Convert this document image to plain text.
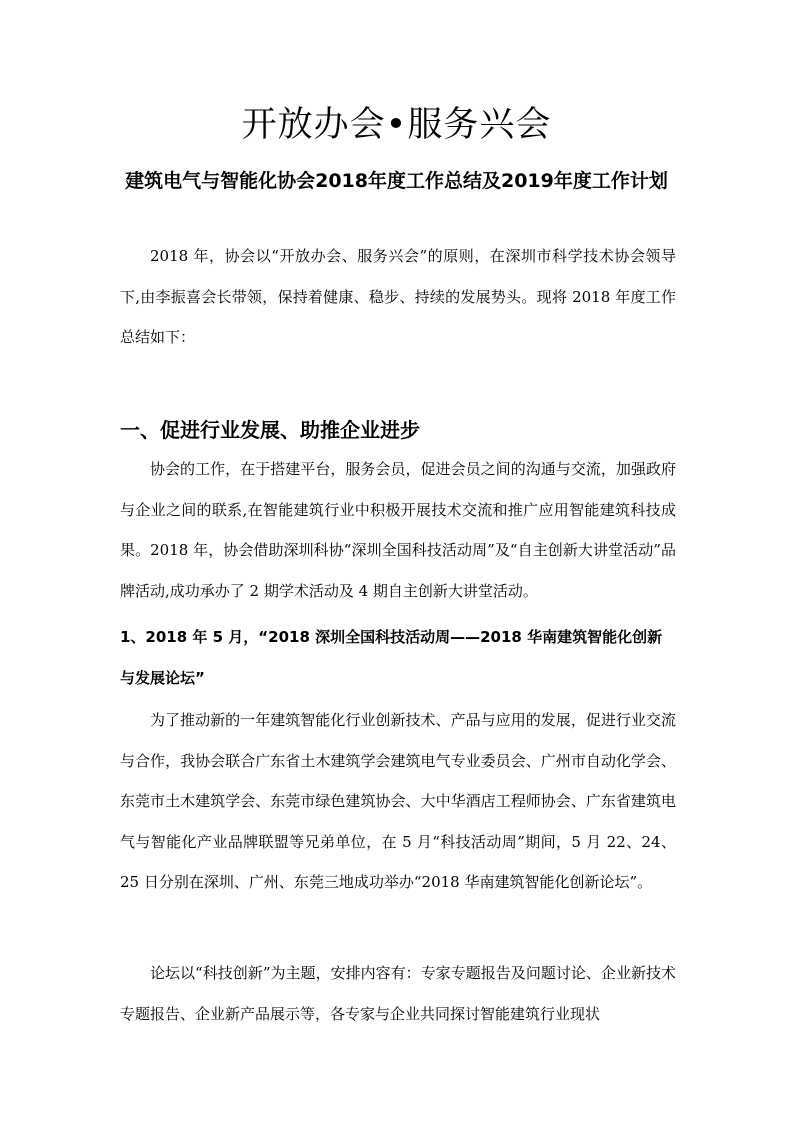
开放办会•服务兴会
建筑电气与智能化协会2018年度工作总结及2019年度工作计划

2018 年，协会以“开放办会、服务兴会”的原则，在深圳市科学技术协会领导下,由李振喜会长带领，保持着健康、稳步、持续的发展势头。现将 2018 年度工作总结如下：

一、促进行业发展、助推企业进步

协会的工作，在于搭建平台，服务会员，促进会员之间的沟通与交流，加强政府与企业之间的联系,在智能建筑行业中积极开展技术交流和推广应用智能建筑科技成果。2018 年，协会借助深圳科协“深圳全国科技活动周”及“自主创新大讲堂活动”品牌活动,成功承办了 2 期学术活动及 4 期自主创新大讲堂活动。

1、2018 年 5 月，“2018 深圳全国科技活动周——2018 华南建筑智能化创新与发展论坛”

为了推动新的一年建筑智能化行业创新技术、产品与应用的发展，促进行业交流与合作，我协会联合广东省土木建筑学会建筑电气专业委员会、广州市自动化学会、东莞市土木建筑学会、东莞市绿色建筑协会、大中华酒店工程师协会、广东省建筑电气与智能化产业品牌联盟等兄弟单位，在 5 月“科技活动周”期间，5 月 22、24、25 日分别在深圳、广州、东莞三地成功举办“2018 华南建筑智能化创新论坛”。

论坛以“科技创新”为主题，安排内容有：专家专题报告及问题讨论、企业新技术专题报告、企业新产品展示等，各专家与企业共同探讨智能建筑行业现状
